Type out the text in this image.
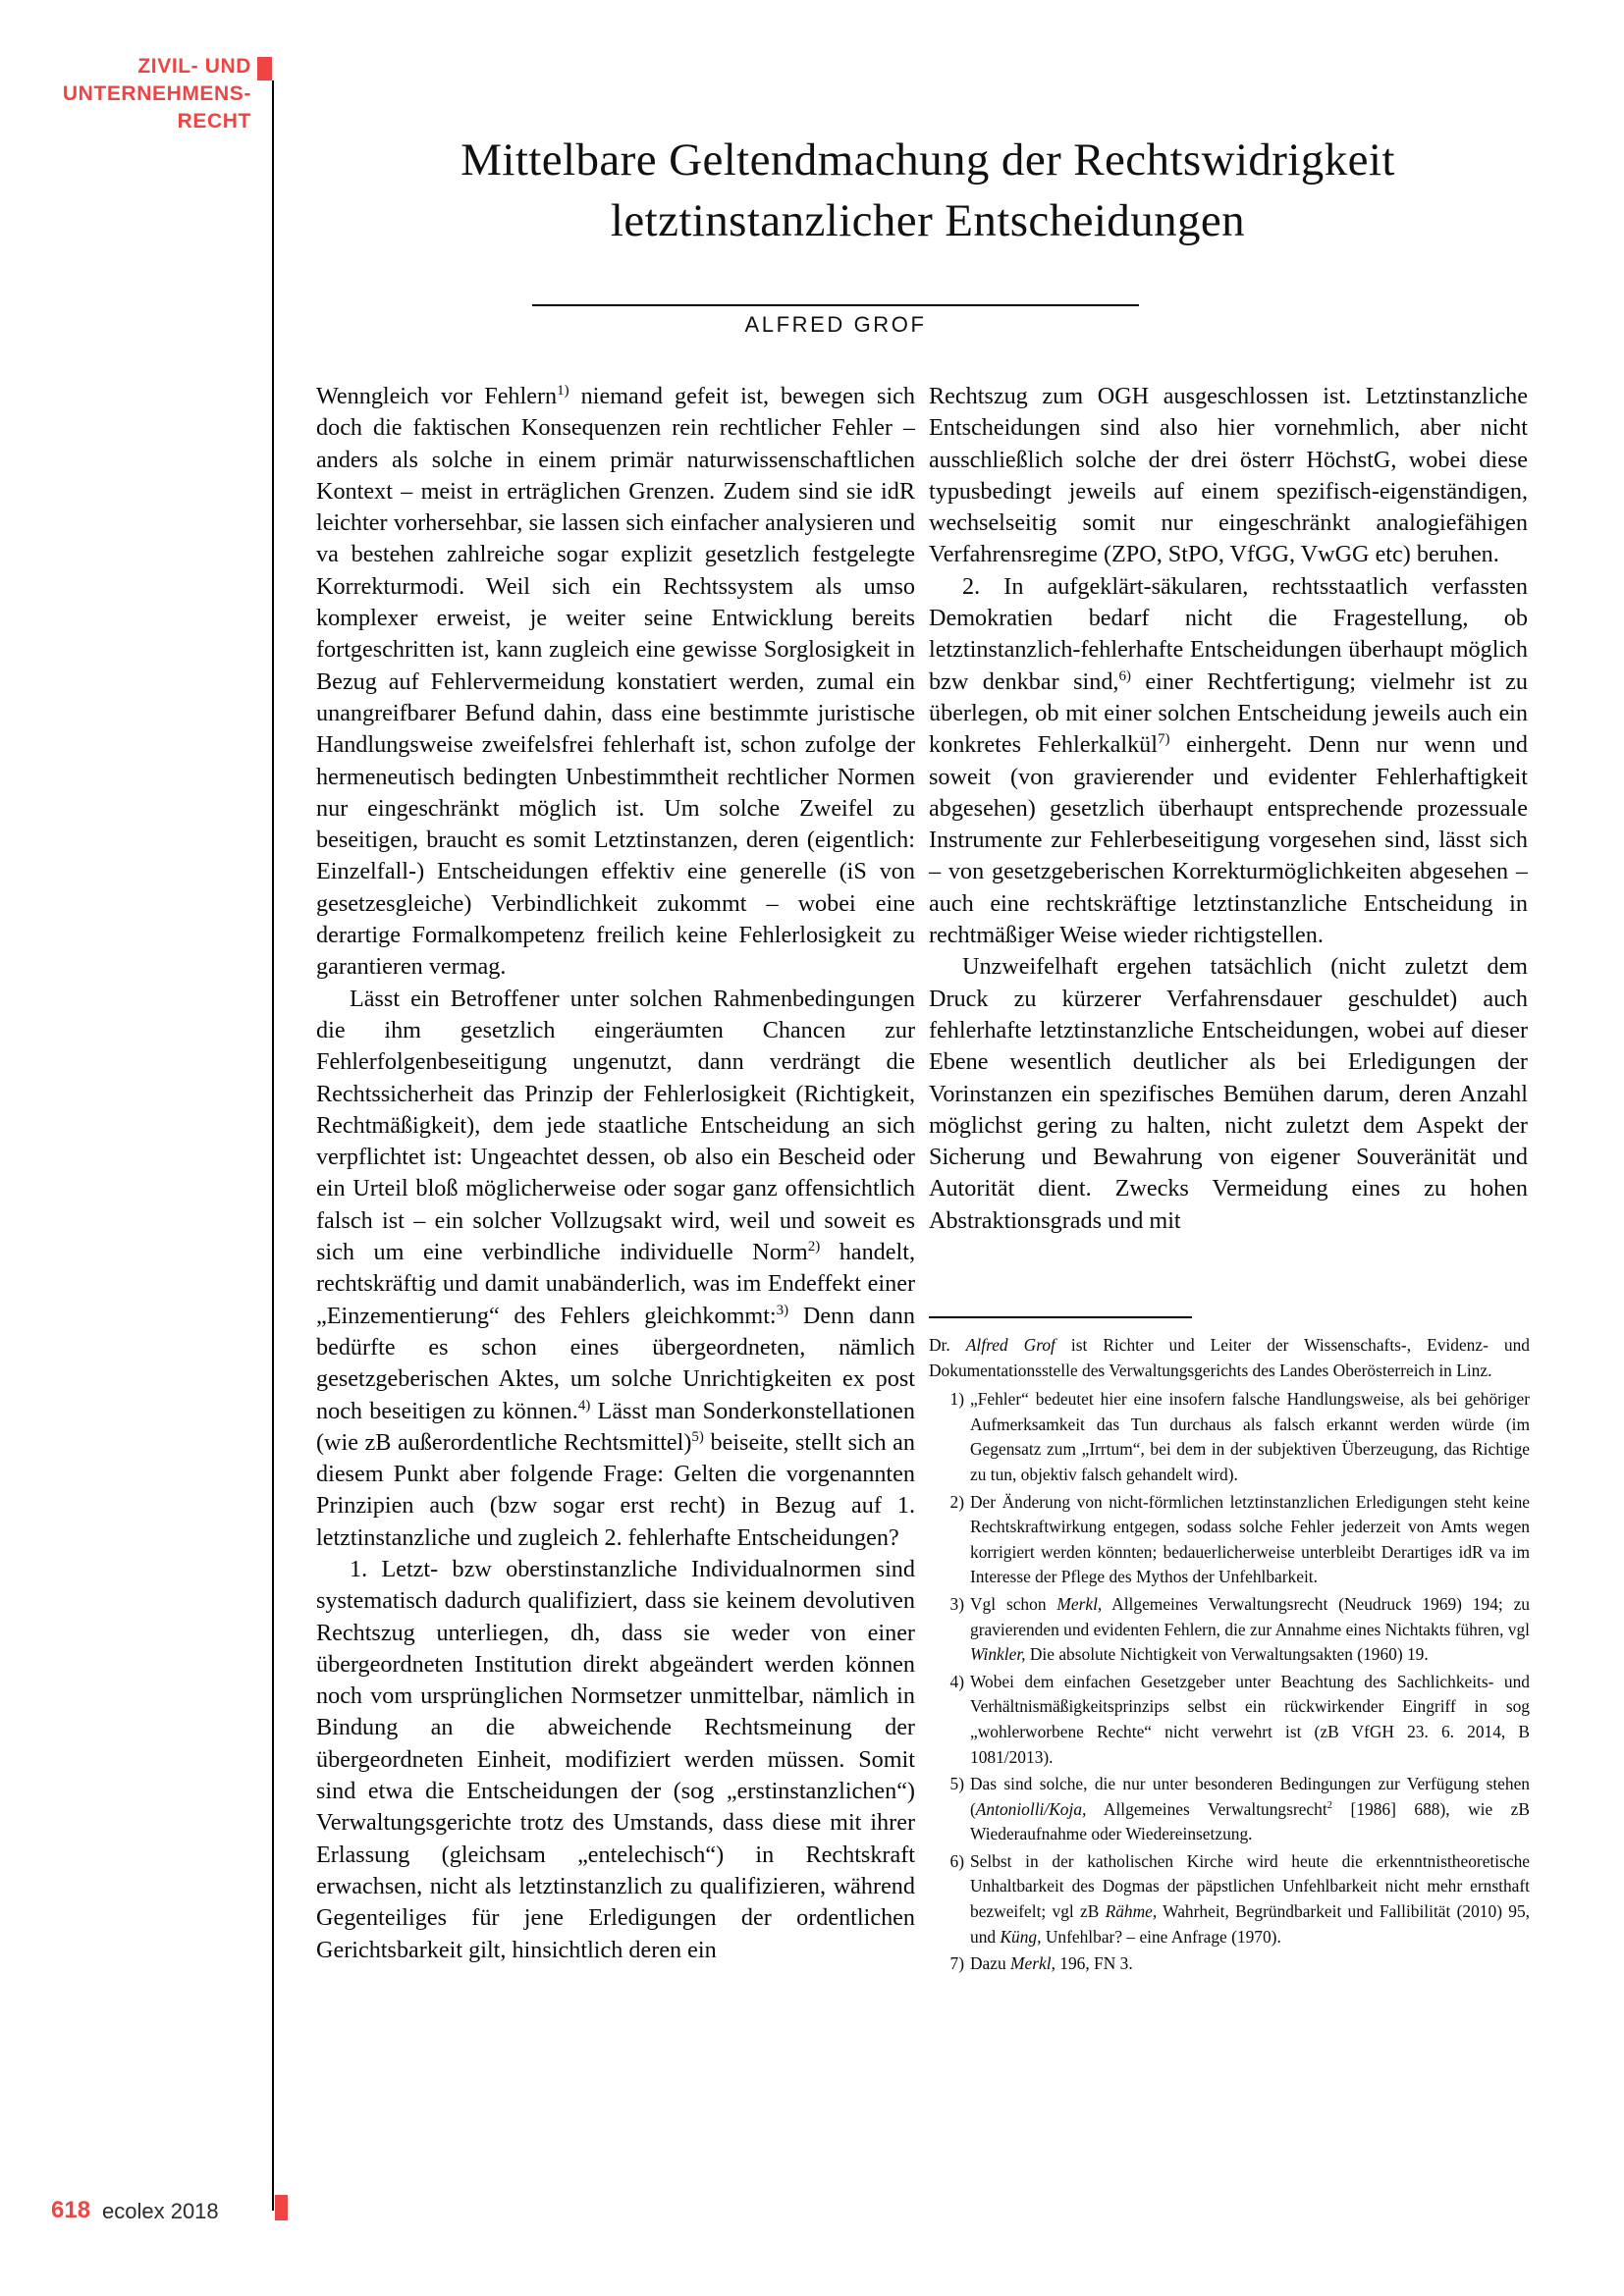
ZIVIL- UND
UNTERNEHMENS-
RECHT
Mittelbare Geltendmachung der Rechtswidrigkeit
letztinstanzlicher Entscheidungen
ALFRED GROF

Wenngleich vor Fehlern$^{1)}$ niemand gefeit ist, bewegen sich doch die faktischen Konsequenzen rein rechtlicher Fehler – anders als solche in einem primär naturwissenschaftlichen Kontext – meist in erträglichen Grenzen. Zudem sind sie idR leichter vorhersehbar, sie lassen sich einfacher analysieren und va bestehen zahlreiche sogar explizit gesetzlich festgelegte Korrekturmodi. Weil sich ein Rechtssystem als umso komplexer erweist, je weiter seine Entwicklung bereits fortgeschritten ist, kann zugleich eine gewisse Sorglosigkeit in Bezug auf Fehlervermeidung konstatiert werden, zumal ein unangreifbarer Befund dahin, dass eine bestimmte juristische Handlungsweise zweifelsfrei fehlerhaft ist, schon zufolge der hermeneutisch bedingten Unbestimmtheit rechtlicher Normen nur eingeschränkt möglich ist. Um solche Zweifel zu beseitigen, braucht es somit Letztinstanzen, deren (eigentlich: Einzelfall-) Entscheidungen effektiv eine generelle (iS von gesetzesgleiche) Verbindlichkeit zukommt – wobei eine derartige Formalkompetenz freilich keine Fehlerlosigkeit zu garantieren vermag.

Lässt ein Betroffener unter solchen Rahmenbedingungen die ihm gesetzlich eingeräumten Chancen zur Fehlerfolgenbeseitigung ungenutzt, dann verdrängt die Rechtssicherheit das Prinzip der Fehlerlosigkeit (Richtigkeit, Rechtmäßigkeit), dem jede staatliche Entscheidung an sich verpflichtet ist: Ungeachtet dessen, ob also ein Bescheid oder ein Urteil bloß möglicherweise oder sogar ganz offensichtlich falsch ist – ein solcher Vollzugsakt wird, weil und soweit es sich um eine verbindliche individuelle Norm$^{2)}$ handelt, rechtskräftig und damit unabänderlich, was im Endeffekt einer „Einzementierung“ des Fehlers gleichkommt:$^{3)}$ Denn dann bedürfte es schon eines übergeordneten, nämlich gesetzgeberischen Aktes, um solche Unrichtigkeiten ex post noch beseitigen zu können.$^{4)}$ Lässt man Sonderkonstellationen (wie zB außerordentliche Rechtsmittel)$^{5)}$ beiseite, stellt sich an diesem Punkt aber folgende Frage: Gelten die vorgenannten Prinzipien auch (bzw sogar erst recht) in Bezug auf 1. letztinstanzliche und zugleich 2. fehlerhafte Entscheidungen?

1. Letzt- bzw oberstinstanzliche Individualnormen sind systematisch dadurch qualifiziert, dass sie keinem devolutiven Rechtszug unterliegen, dh, dass sie weder von einer übergeordneten Institution direkt abgeändert werden können noch vom ursprünglichen Normsetzer unmittelbar, nämlich in Bindung an die abweichende Rechtsmeinung der übergeordneten Einheit, modifiziert werden müssen. Somit sind etwa die Entscheidungen der (sog „erstinstanzlichen“) Verwaltungsgerichte trotz des Umstands, dass diese mit ihrer Erlassung (gleichsam „entelechisch“) in Rechtskraft erwachsen, nicht als letztinstanzlich zu qualifizieren, während Gegenteiliges für jene Erledigungen der ordentlichen Gerichtsbarkeit gilt, hinsichtlich deren ein

Rechtszug zum OGH ausgeschlossen ist. Letztinstanzliche Entscheidungen sind also hier vornehmlich, aber nicht ausschließlich solche der drei österr HöchstG, wobei diese typusbedingt jeweils auf einem spezifisch-eigenständigen, wechselseitig somit nur eingeschränkt analogiefähigen Verfahrensregime (ZPO, StPO, VfGG, VwGG etc) beruhen.

2. In aufgeklärt-säkularen, rechtsstaatlich verfassten Demokratien bedarf nicht die Fragestellung, ob letztinstanzlich-fehlerhafte Entscheidungen überhaupt möglich bzw denkbar sind,$^{6)}$ einer Rechtfertigung; vielmehr ist zu überlegen, ob mit einer solchen Entscheidung jeweils auch ein konkretes Fehlerkalkül$^{7)}$ einhergeht. Denn nur wenn und soweit (von gravierender und evidenter Fehlerhaftigkeit abgesehen) gesetzlich überhaupt entsprechende prozessuale Instrumente zur Fehlerbeseitigung vorgesehen sind, lässt sich – von gesetzgeberischen Korrekturmöglichkeiten abgesehen – auch eine rechtskräftige letztinstanzliche Entscheidung in rechtmäßiger Weise wieder richtigstellen.

Unzweifelhaft ergehen tatsächlich (nicht zuletzt dem Druck zu kürzerer Verfahrensdauer geschuldet) auch fehlerhafte letztinstanzliche Entscheidungen, wobei auf dieser Ebene wesentlich deutlicher als bei Erledigungen der Vorinstanzen ein spezifisches Bemühen darum, deren Anzahl möglichst gering zu halten, nicht zuletzt dem Aspekt der Sicherung und Bewahrung von eigener Souveränität und Autorität dient. Zwecks Vermeidung eines zu hohen Abstraktionsgrads und mit

Dr. Alfred Grof ist Richter und Leiter der Wissenschafts-, Evidenz- und Dokumentationsstelle des Verwaltungsgerichts des Landes Oberösterreich in Linz.

1) „Fehler“ bedeutet hier eine insofern falsche Handlungsweise, als bei gehöriger Aufmerksamkeit das Tun durchaus als falsch erkannt werden würde (im Gegensatz zum „Irrtum“, bei dem in der subjektiven Überzeugung, das Richtige zu tun, objektiv falsch gehandelt wird).
2) Der Änderung von nicht-förmlichen letztinstanzlichen Erledigungen steht keine Rechtskraftwirkung entgegen, sodass solche Fehler jederzeit von Amts wegen korrigiert werden könnten; bedauerlicherweise unterbleibt Derartiges idR va im Interesse der Pflege des Mythos der Unfehlbarkeit.
3) Vgl schon Merkl, Allgemeines Verwaltungsrecht (Neudruck 1969) 194; zu gravierenden und evidenten Fehlern, die zur Annahme eines Nichtakts führen, vgl Winkler, Die absolute Nichtigkeit von Verwaltungsakten (1960) 19.
4) Wobei dem einfachen Gesetzgeber unter Beachtung des Sachlichkeits- und Verhältnismäßigkeitsprinzips selbst ein rückwirkender Eingriff in sog „wohlerworbene Rechte“ nicht verwehrt ist (zB VfGH 23. 6. 2014, B 1081/2013).
5) Das sind solche, die nur unter besonderen Bedingungen zur Verfügung stehen (Antoniolli/Koja, Allgemeines Verwaltungsrecht$^2$ [1986] 688), wie zB Wiederaufnahme oder Wiedereinsetzung.
6) Selbst in der katholischen Kirche wird heute die erkenntnistheoretische Unhaltbarkeit des Dogmas der päpstlichen Unfehlbarkeit nicht mehr ernsthaft bezweifelt; vgl zB Rähme, Wahrheit, Begründbarkeit und Fallibilität (2010) 95, und Küng, Unfehlbar? – eine Anfrage (1970).
7) Dazu Merkl, 196, FN 3.
618 ecolex 2018
